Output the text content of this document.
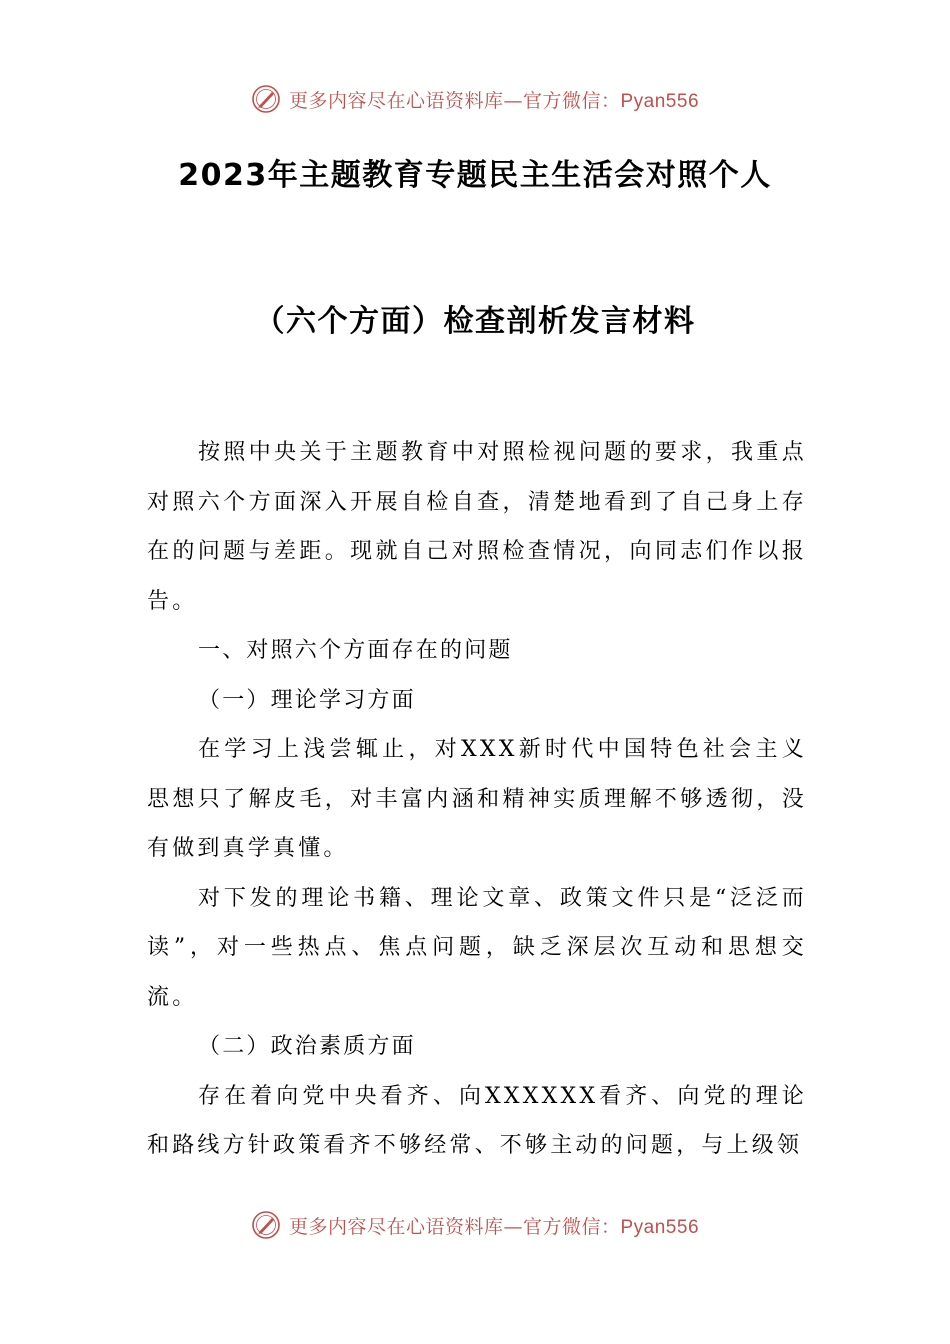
更多内容尽在心语资料库—官方微信：Pyan556
2023年主题教育专题民主生活会对照个人
（六个方面）检查剖析发言材料

按照中央关于主题教育中对照检视问题的要求，我重点对照六个方面深入开展自检自查，清楚地看到了自己身上存在的问题与差距。现就自己对照检查情况，向同志们作以报告。

一、对照六个方面存在的问题

（一）理论学习方面

在学习上浅尝辄止，对XXX新时代中国特色社会主义思想只了解皮毛，对丰富内涵和精神实质理解不够透彻，没有做到真学真懂。

对下发的理论书籍、理论文章、政策文件只是“泛泛而读”，对一些热点、焦点问题，缺乏深层次互动和思想交流。

（二）政治素质方面

存在着向党中央看齐、向XXXXXX看齐、向党的理论和路线方针政策看齐不够经常、不够主动的问题，与上级领

更多内容尽在心语资料库—官方微信：Pyan556
